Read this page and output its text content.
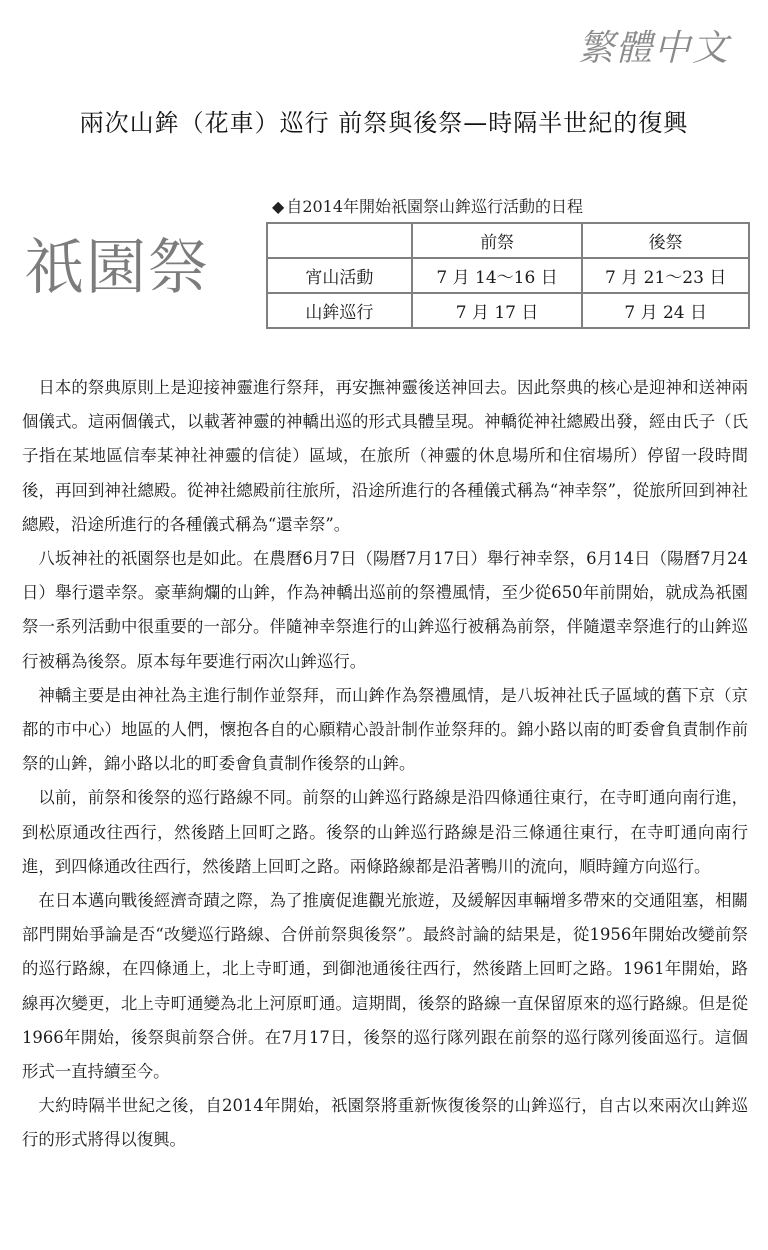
繁體中文
兩次山鉾（花車）巡行 前祭與後祭—時隔半世紀的復興
祇園祭
◆ 自2014年開始祇園祭山鉾巡行活動的日程
	前祭	後祭
宵山活動	7 月 14～16 日	7 月 21～23 日
山鉾巡行	7 月 17 日	7 月 24 日

日本的祭典原則上是迎接神靈進行祭拜，再安撫神靈後送神回去。因此祭典的核心是迎神和送神兩個儀式。這兩個儀式，以載著神靈的神轎出巡的形式具體呈現。神轎從神社總殿出發，經由氏子（氏子指在某地區信奉某神社神靈的信徒）區域，在旅所（神靈的休息場所和住宿場所）停留一段時間後，再回到神社總殿。從神社總殿前往旅所，沿途所進行的各種儀式稱為“神幸祭”，從旅所回到神社總殿，沿途所進行的各種儀式稱為“還幸祭”。

八坂神社的祇園祭也是如此。在農曆6月7日（陽曆7月17日）舉行神幸祭，6月14日（陽曆7月24日）舉行還幸祭。豪華絢爛的山鉾，作為神轎出巡前的祭禮風情，至少從650年前開始，就成為祇園祭一系列活動中很重要的一部分。伴隨神幸祭進行的山鉾巡行被稱為前祭，伴隨還幸祭進行的山鉾巡行被稱為後祭。原本每年要進行兩次山鉾巡行。

神轎主要是由神社為主進行制作並祭拜，而山鉾作為祭禮風情，是八坂神社氏子區域的舊下京（京都的市中心）地區的人們，懷抱各自的心願精心設計制作並祭拜的。錦小路以南的町委會負責制作前祭的山鉾，錦小路以北的町委會負責制作後祭的山鉾。

以前，前祭和後祭的巡行路線不同。前祭的山鉾巡行路線是沿四條通往東行，在寺町通向南行進，到松原通改往西行，然後踏上回町之路。後祭的山鉾巡行路線是沿三條通往東行，在寺町通向南行進，到四條通改往西行，然後踏上回町之路。兩條路線都是沿著鴨川的流向，順時鐘方向巡行。

在日本邁向戰後經濟奇蹟之際，為了推廣促進觀光旅遊，及緩解因車輛增多帶來的交通阻塞，相關部門開始爭論是否“改變巡行路線、合併前祭與後祭”。最終討論的結果是，從1956年開始改變前祭的巡行路線，在四條通上，北上寺町通，到御池通後往西行，然後踏上回町之路。1961年開始，路線再次變更，北上寺町通變為北上河原町通。這期間，後祭的路線一直保留原來的巡行路線。但是從1966年開始，後祭與前祭合併。在7月17日，後祭的巡行隊列跟在前祭的巡行隊列後面巡行。這個形式一直持續至今。

大約時隔半世紀之後，自2014年開始，祇園祭將重新恢復後祭的山鉾巡行，自古以來兩次山鉾巡行的形式將得以復興。
